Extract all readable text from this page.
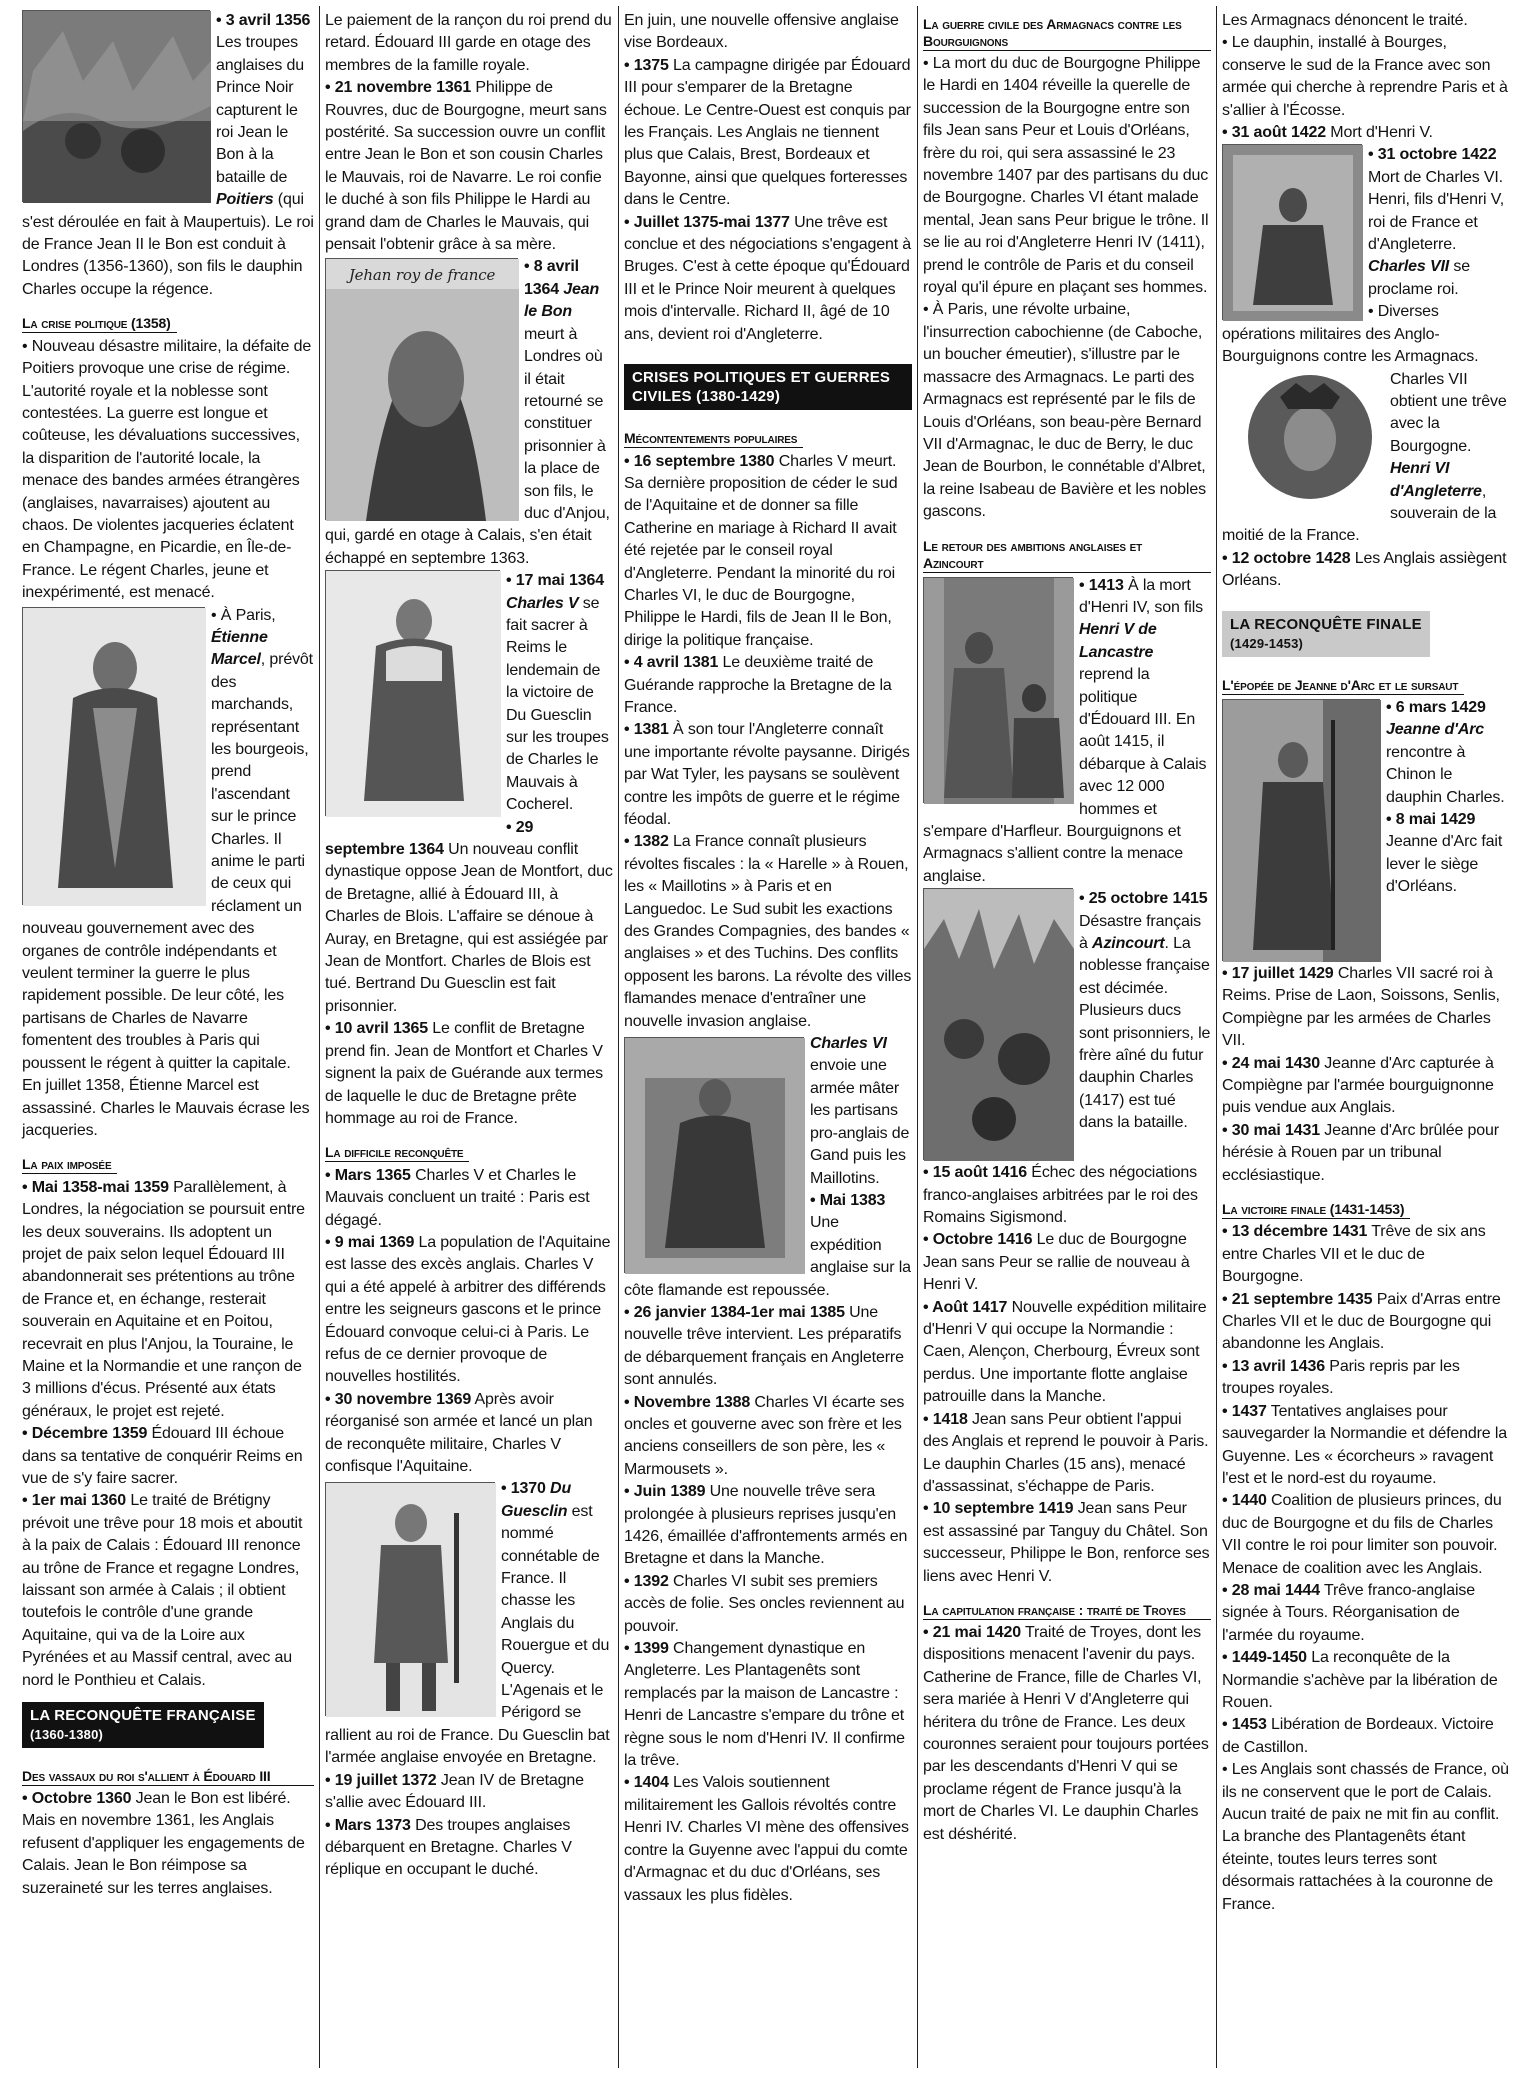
• 3 avril 1356 Les troupes anglaises du Prince Noir capturent le roi Jean le Bon à la bataille de Poitiers (qui s'est déroulée en fait à Maupertuis). Le roi de France Jean II le Bon est conduit à Londres (1356-1360), son fils le dauphin Charles occupe la régence.

La crise politique (1358)

• Nouveau désastre militaire, la défaite de Poitiers provoque une crise de régime. L'autorité royale et la noblesse sont contestées. La guerre est longue et coûteuse, les dévaluations successives, la disparition de l'autorité locale, la menace des bandes armées étrangères (anglaises, navarraises) ajoutent au chaos. De violentes jacqueries éclatent en Champagne, en Picardie, en Île-de-France. Le régent Charles, jeune et inexpérimenté, est menacé.

• À Paris, Étienne Marcel, prévôt des marchands, représentant les bourgeois, prend l'ascendant sur le prince Charles. Il anime le parti de ceux qui réclament un nouveau gouvernement avec des organes de contrôle indépendants et veulent terminer la guerre le plus rapidement possible. De leur côté, les partisans de Charles de Navarre fomentent des troubles à Paris qui poussent le régent à quitter la capitale. En juillet 1358, Étienne Marcel est assassiné. Charles le Mauvais écrase les jacqueries.

La paix imposée

• Mai 1358-mai 1359 Parallèlement, à Londres, la négociation se poursuit entre les deux souverains. Ils adoptent un projet de paix selon lequel Édouard III abandonnerait ses prétentions au trône de France et, en échange, resterait souverain en Aquitaine et en Poitou, recevrait en plus l'Anjou, la Touraine, le Maine et la Normandie et une rançon de 3 millions d'écus. Présenté aux états généraux, le projet est rejeté.

• Décembre 1359 Édouard III échoue dans sa tentative de conquérir Reims en vue de s'y faire sacrer.

• 1er mai 1360 Le traité de Brétigny prévoit une trêve pour 18 mois et aboutit à la paix de Calais : Édouard III renonce au trône de France et regagne Londres, laissant son armée à Calais ; il obtient toutefois le contrôle d'une grande Aquitaine, qui va de la Loire aux Pyrénées et au Massif central, avec au nord le Ponthieu et Calais.

LA RECONQUÊTE FRANÇAISE
(1360-1380)
Des vassaux du roi s'allient à Édouard III

• Octobre 1360 Jean le Bon est libéré. Mais en novembre 1361, les Anglais refusent d'appliquer les engagements de Calais. Jean le Bon réimpose sa suzeraineté sur les terres anglaises.

Le paiement de la rançon du roi prend du retard. Édouard III garde en otage des membres de la famille royale.

• 21 novembre 1361 Philippe de Rouvres, duc de Bourgogne, meurt sans postérité. Sa succession ouvre un conflit entre Jean le Bon et son cousin Charles le Mauvais, roi de Navarre. Le roi confie le duché à son fils Philippe le Hardi au grand dam de Charles le Mauvais, qui pensait l'obtenir grâce à sa mère.

Jehan roy de france	• 8 avril 1364 Jean le Bon meurt à Londres où il était retourné se constituer prisonnier à la place de son fils, le duc d'Anjou, qui, gardé en otage à Calais, s'en était échappé en septembre 1363.

• 17 mai 1364 Charles V se fait sacrer à Reims le lendemain de la victoire de Du Guesclin sur les troupes de Charles le Mauvais à Cocherel.

• 29 septembre 1364 Un nouveau conflit dynastique oppose Jean de Montfort, duc de Bretagne, allié à Édouard III, à Charles de Blois. L'affaire se dénoue à Auray, en Bretagne, qui est assiégée par Jean de Montfort. Charles de Blois est tué. Bertrand Du Guesclin est fait prisonnier.

• 10 avril 1365 Le conflit de Bretagne prend fin. Jean de Montfort et Charles V signent la paix de Guérande aux termes de laquelle le duc de Bretagne prête hommage au roi de France.

La difficile reconquête

• Mars 1365 Charles V et Charles le Mauvais concluent un traité : Paris est dégagé.

• 9 mai 1369 La population de l'Aquitaine est lasse des excès anglais. Charles V qui a été appelé à arbitrer des différends entre les seigneurs gascons et le prince Édouard convoque celui-ci à Paris. Le refus de ce dernier provoque de nouvelles hostilités.

• 30 novembre 1369 Après avoir réorganisé son armée et lancé un plan de reconquête militaire, Charles V confisque l'Aquitaine.

• 1370 Du Guesclin est nommé connétable de France. Il chasse les Anglais du Rouergue et du Quercy. L'Agenais et le Périgord se rallient au roi de France. Du Guesclin bat l'armée anglaise envoyée en Bretagne.

• 19 juillet 1372 Jean IV de Bretagne s'allie avec Édouard III.

• Mars 1373 Des troupes anglaises débarquent en Bretagne. Charles V réplique en occupant le duché.

En juin, une nouvelle offensive anglaise vise Bordeaux.

• 1375 La campagne dirigée par Édouard III pour s'emparer de la Bretagne échoue. Le Centre-Ouest est conquis par les Français. Les Anglais ne tiennent plus que Calais, Brest, Bordeaux et Bayonne, ainsi que quelques forteresses dans le Centre.

• Juillet 1375-mai 1377 Une trêve est conclue et des négociations s'engagent à Bruges. C'est à cette époque qu'Édouard III et le Prince Noir meurent à quelques mois d'intervalle. Richard II, âgé de 10 ans, devient roi d'Angleterre.

CRISES POLITIQUES ET GUERRES CIVILES (1380-1429) Mécontentements populaires

• 16 septembre 1380 Charles V meurt. Sa dernière proposition de céder le sud de l'Aquitaine et de donner sa fille Catherine en mariage à Richard II avait été rejetée par le conseil royal d'Angleterre. Pendant la minorité du roi Charles VI, le duc de Bourgogne, Philippe le Hardi, fils de Jean II le Bon, dirige la politique française.

• 4 avril 1381 Le deuxième traité de Guérande rapproche la Bretagne de la France.

• 1381 À son tour l'Angleterre connaît une importante révolte paysanne. Dirigés par Wat Tyler, les paysans se soulèvent contre les impôts de guerre et le régime féodal.

• 1382 La France connaît plusieurs révoltes fiscales : la « Harelle » à Rouen, les « Maillotins » à Paris et en Languedoc. Le Sud subit les exactions des Grandes Compagnies, des bandes « anglaises » et des Tuchins. Des conflits opposent les barons. La révolte des villes flamandes menace d'entraîner une nouvelle invasion anglaise.

Charles VI envoie une armée mâter les partisans pro-anglais de Gand puis les Maillotins.

• Mai 1383 Une expédition anglaise sur la côte flamande est repoussée.

• 26 janvier 1384-1er mai 1385 Une nouvelle trêve intervient. Les préparatifs de débarquement français en Angleterre sont annulés.

• Novembre 1388 Charles VI écarte ses oncles et gouverne avec son frère et les anciens conseillers de son père, les « Marmousets ».

• Juin 1389 Une nouvelle trêve sera prolongée à plusieurs reprises jusqu'en 1426, émaillée d'affrontements armés en Bretagne et dans la Manche.

• 1392 Charles VI subit ses premiers accès de folie. Ses oncles reviennent au pouvoir.

• 1399 Changement dynastique en Angleterre. Les Plantagenêts sont remplacés par la maison de Lancastre : Henri de Lancastre s'empare du trône et règne sous le nom d'Henri IV. Il confirme la trêve.

• 1404 Les Valois soutiennent militairement les Gallois révoltés contre Henri IV. Charles VI mène des offensives contre la Guyenne avec l'appui du comte d'Armagnac et du duc d'Orléans, ses vassaux les plus fidèles.

La guerre civile des Armagnacs contre les Bourguignons

• La mort du duc de Bourgogne Philippe le Hardi en 1404 réveille la querelle de succession de la Bourgogne entre son fils Jean sans Peur et Louis d'Orléans, frère du roi, qui sera assassiné le 23 novembre 1407 par des partisans du duc de Bourgogne. Charles VI étant malade mental, Jean sans Peur brigue le trône. Il se lie au roi d'Angleterre Henri IV (1411), prend le contrôle de Paris et du conseil royal qu'il épure en plaçant ses hommes.

• À Paris, une révolte urbaine, l'insurrection cabochienne (de Caboche, un boucher émeutier), s'illustre par le massacre des Armagnacs. Le parti des Armagnacs est représenté par le fils de Louis d'Orléans, son beau-père Bernard VII d'Armagnac, le duc de Berry, le duc Jean de Bourbon, le connétable d'Albret, la reine Isabeau de Bavière et les nobles gascons.

Le retour des ambitions anglaises et Azincourt

• 1413 À la mort d'Henri IV, son fils Henri V de Lancastre reprend la politique d'Édouard III. En août 1415, il débarque à Calais avec 12 000 hommes et s'empare d'Harfleur. Bourguignons et Armagnacs s'allient contre la menace anglaise.

• 25 octobre 1415 Désastre français à Azincourt. La noblesse française est décimée. Plusieurs ducs sont prisonniers, le frère aîné du futur dauphin Charles (1417) est tué dans la bataille.

• 15 août 1416 Échec des négociations franco-anglaises arbitrées par le roi des Romains Sigismond.

• Octobre 1416 Le duc de Bourgogne Jean sans Peur se rallie de nouveau à Henri V.

• Août 1417 Nouvelle expédition militaire d'Henri V qui occupe la Normandie : Caen, Alençon, Cherbourg, Évreux sont perdus. Une importante flotte anglaise patrouille dans la Manche.

• 1418 Jean sans Peur obtient l'appui des Anglais et reprend le pouvoir à Paris. Le dauphin Charles (15 ans), menacé d'assassinat, s'échappe de Paris.

• 10 septembre 1419 Jean sans Peur est assassiné par Tanguy du Châtel. Son successeur, Philippe le Bon, renforce ses liens avec Henri V.

La capitulation française : traité de Troyes

• 21 mai 1420 Traité de Troyes, dont les dispositions menacent l'avenir du pays. Catherine de France, fille de Charles VI, sera mariée à Henri V d'Angleterre qui héritera du trône de France. Les deux couronnes seraient pour toujours portées par les descendants d'Henri V qui se proclame régent de France jusqu'à la mort de Charles VI. Le dauphin Charles est déshérité.

Les Armagnacs dénoncent le traité.

• Le dauphin, installé à Bourges, conserve le sud de la France avec son armée qui cherche à reprendre Paris et à s'allier à l'Écosse.

• 31 août 1422 Mort d'Henri V.

• 31 octobre 1422 Mort de Charles VI. Henri, fils d'Henri V, roi de France et d'Angleterre. Charles VII se proclame roi.

• Diverses opérations militaires des Anglo-Bourguignons contre les Armagnacs.

Charles VII obtient une trêve avec la Bourgogne. Henri VI d'Angleterre, souverain de la moitié de la France.

• 12 octobre 1428 Les Anglais assiègent Orléans.

LA RECONQUÊTE FINALE
(1429-1453)
L'épopée de Jeanne d'Arc et le sursaut

• 6 mars 1429 Jeanne d'Arc rencontre à Chinon le dauphin Charles.

• 8 mai 1429 Jeanne d'Arc fait lever le siège d'Orléans.

• 17 juillet 1429 Charles VII sacré roi à Reims. Prise de Laon, Soissons, Senlis, Compiègne par les armées de Charles VII.

• 24 mai 1430 Jeanne d'Arc capturée à Compiègne par l'armée bourguignonne puis vendue aux Anglais.

• 30 mai 1431 Jeanne d'Arc brûlée pour hérésie à Rouen par un tribunal ecclésiastique.

La victoire finale (1431-1453)

• 13 décembre 1431 Trêve de six ans entre Charles VII et le duc de Bourgogne.

• 21 septembre 1435 Paix d'Arras entre Charles VII et le duc de Bourgogne qui abandonne les Anglais.

• 13 avril 1436 Paris repris par les troupes royales.

• 1437 Tentatives anglaises pour sauvegarder la Normandie et défendre la Guyenne. Les « écorcheurs » ravagent l'est et le nord-est du royaume.

• 1440 Coalition de plusieurs princes, du duc de Bourgogne et du fils de Charles VII contre le roi pour limiter son pouvoir. Menace de coalition avec les Anglais.

• 28 mai 1444 Trêve franco-anglaise signée à Tours. Réorganisation de l'armée du royaume.

• 1449-1450 La reconquête de la Normandie s'achève par la libération de Rouen.

• 1453 Libération de Bordeaux. Victoire de Castillon.

• Les Anglais sont chassés de France, où ils ne conservent que le port de Calais. Aucun traité de paix ne mit fin au conflit. La branche des Plantagenêts étant éteinte, toutes leurs terres sont désormais rattachées à la couronne de France.
